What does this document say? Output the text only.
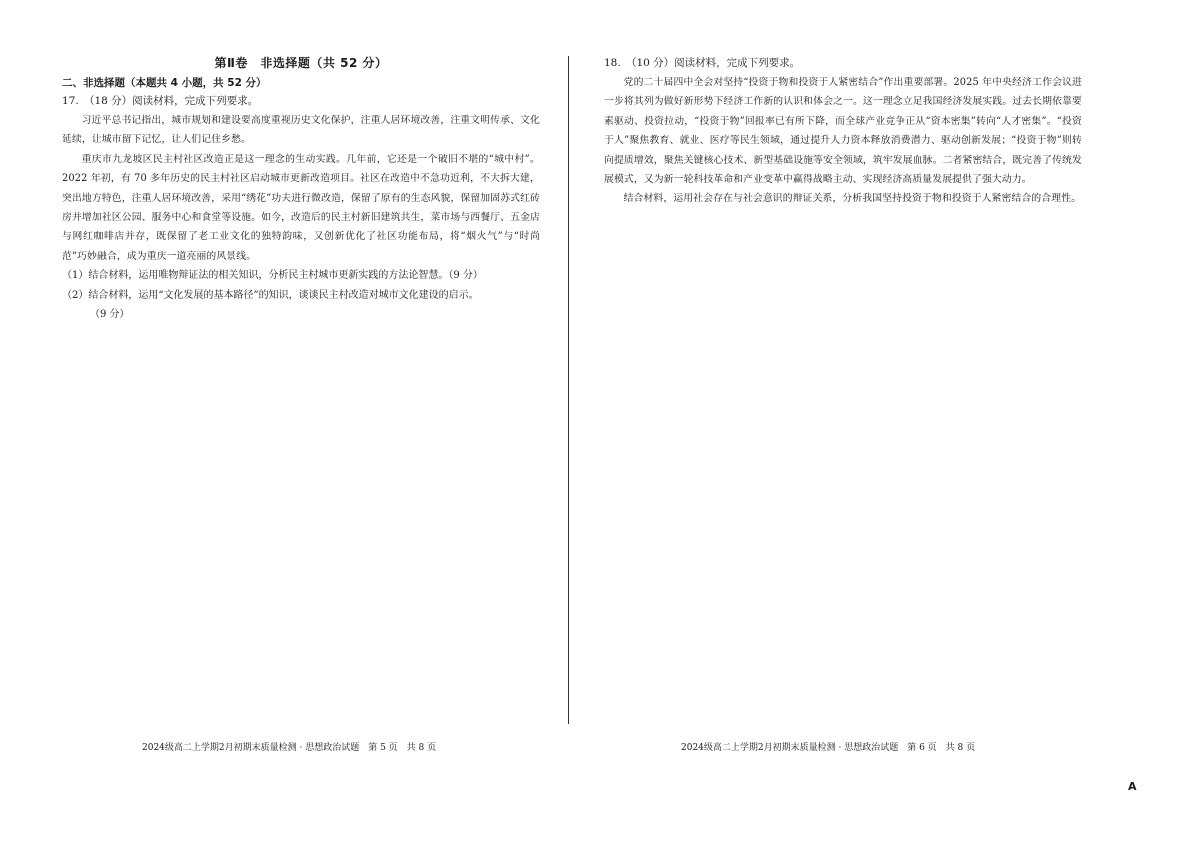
第Ⅱ卷　非选择题（共 52 分）
二、非选择题（本题共 4 小题，共 52 分）
17.　（18 分）阅读材料，完成下列要求。

习近平总书记指出，城市规划和建设要高度重视历史文化保护，注重人居环境改善，注重文明传承、文化延续，让城市留下记忆，让人们记住乡愁。

重庆市九龙坡区民主村社区改造正是这一理念的生动实践。几年前，它还是一个破旧不堪的“城中村”。2022 年初，有 70 多年历史的民主村社区启动城市更新改造项目。社区在改造中不急功近利，不大拆大建，突出地方特色，注重人居环境改善，采用“绣花”功夫进行微改造，保留了原有的生态风貌，保留加固苏式红砖房并增加社区公园、服务中心和食堂等设施。如今，改造后的民主村新旧建筑共生，菜市场与西餐厅、五金店与网红咖啡店并存，既保留了老工业文化的独特韵味，又创新优化了社区功能布局，将“烟火气”与“时尚范”巧妙融合，成为重庆一道亮丽的风景线。

（1）结合材料，运用唯物辩证法的相关知识，分析民主村城市更新实践的方法论智慧。（9 分）

（2）结合材料，运用“文化发展的基本路径”的知识，谈谈民主村改造对城市文化建设的启示。

（9 分）

18.　（10 分）阅读材料，完成下列要求。

党的二十届四中全会对坚持“投资于物和投资于人紧密结合”作出重要部署。2025 年中央经济工作会议进一步将其列为做好新形势下经济工作新的认识和体会之一。这一理念立足我国经济发展实践。过去长期依靠要素驱动、投资拉动，“投资于物”回报率已有所下降，而全球产业竞争正从“资本密集”转向“人才密集”。“投资于人”聚焦教育、就业、医疗等民生领域，通过提升人力资本释放消费潜力、驱动创新发展；“投资于物”则转向提质增效，聚焦关键核心技术、新型基础设施等安全领域，筑牢发展血脉。二者紧密结合，既完善了传统发展模式，又为新一轮科技革命和产业变革中赢得战略主动、实现经济高质量发展提供了强大动力。

结合材料，运用社会存在与社会意识的辩证关系，分析我国坚持投资于物和投资于人紧密结合的合理性。

2024级高二上学期2月初期末质量检测 · 思想政治试题　第 5 页　共 8 页	2024级高二上学期2月初期末质量检测 · 思想政治试题　第 6 页　共 8 页
A
